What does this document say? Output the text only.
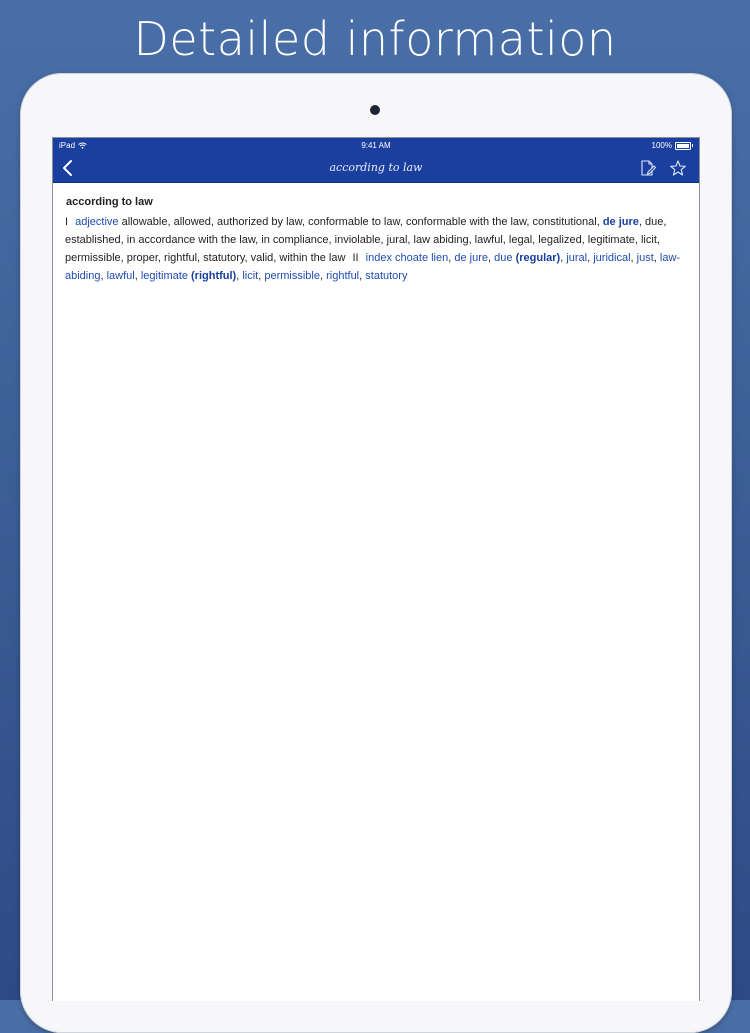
Detailed information
iPad	9:41 AM	100%
according to law
according to law
I adjective allowable, allowed, authorized by law, conformable to law, conformable with the law, constitutional, de jure, due, established, in accordance with the law, in compliance, inviolable, jural, law abiding, lawful, legal, legalized, legitimate, licit, permissible, proper, rightful, statutory, valid, within the law II index choate lien, de jure, due (regular), jural, juridical, just, law-abiding, lawful, legitimate (rightful), licit, permissible, rightful, statutory
